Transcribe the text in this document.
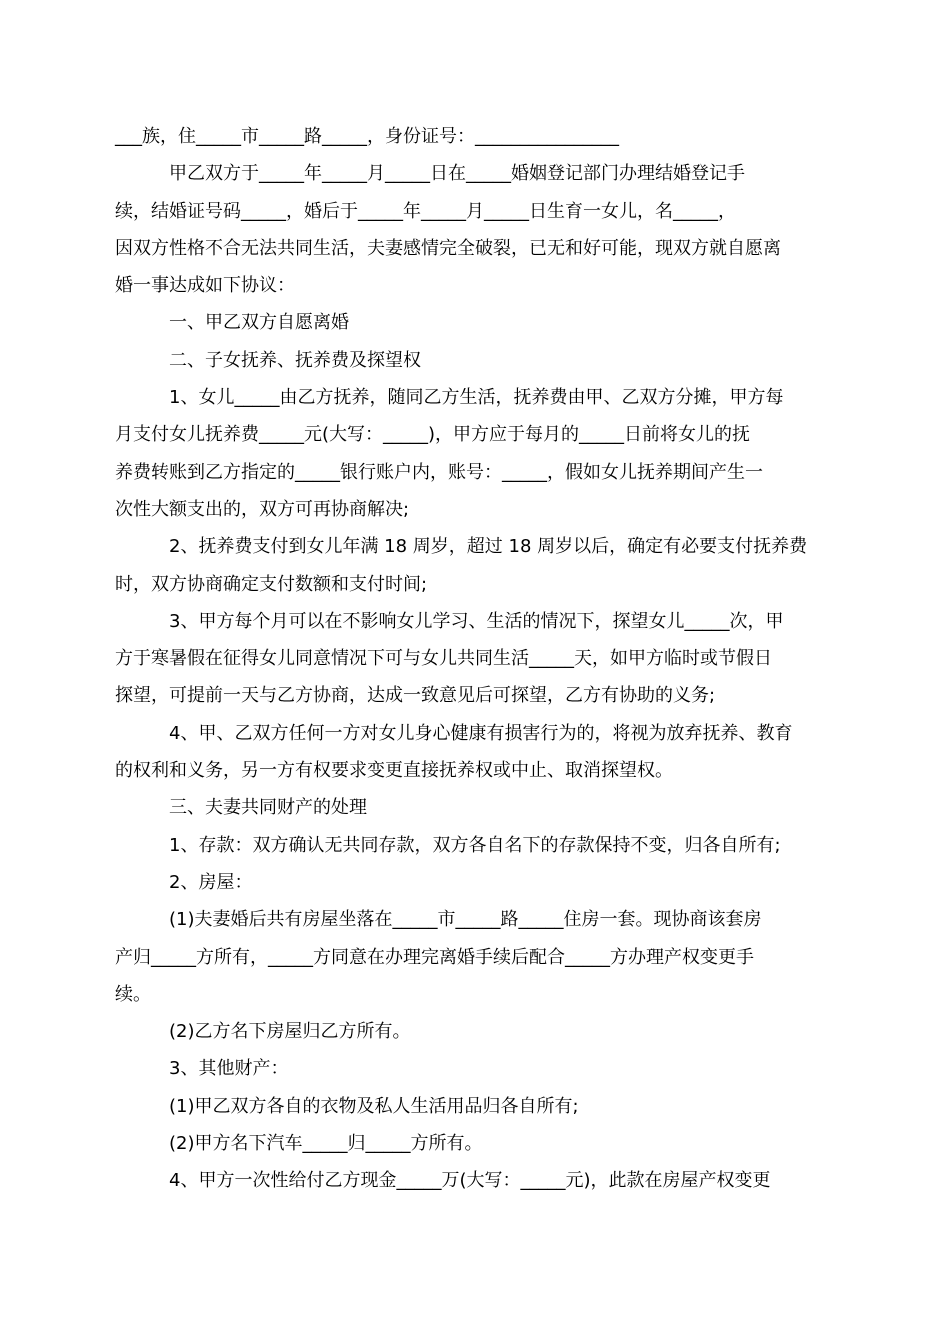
___族，住_____市_____路_____，身份证号：________________

甲乙双方于_____年_____月_____日在_____婚姻登记部门办理结婚登记手

续，结婚证号码_____，婚后于_____年_____月_____日生育一女儿，名_____，

因双方性格不合无法共同生活，夫妻感情完全破裂，已无和好可能，现双方就自愿离

婚一事达成如下协议：

一、甲乙双方自愿离婚

二、子女抚养、抚养费及探望权

1、女儿_____由乙方抚养，随同乙方生活，抚养费由甲、乙双方分摊，甲方每

月支付女儿抚养费_____元(大写：_____)，甲方应于每月的_____日前将女儿的抚

养费转账到乙方指定的_____银行账户内，账号：_____，假如女儿抚养期间产生一

次性大额支出的，双方可再协商解决;

2、抚养费支付到女儿年满 18 周岁，超过 18 周岁以后，确定有必要支付抚养费

时，双方协商确定支付数额和支付时间;

3、甲方每个月可以在不影响女儿学习、生活的情况下，探望女儿_____次，甲

方于寒暑假在征得女儿同意情况下可与女儿共同生活_____天，如甲方临时或节假日

探望，可提前一天与乙方协商，达成一致意见后可探望，乙方有协助的义务;

4、甲、乙双方任何一方对女儿身心健康有损害行为的，将视为放弃抚养、教育

的权利和义务，另一方有权要求变更直接抚养权或中止、取消探望权。

三、夫妻共同财产的处理

1、存款：双方确认无共同存款，双方各自名下的存款保持不变，归各自所有;

2、房屋：

(1)夫妻婚后共有房屋坐落在_____市_____路_____住房一套。现协商该套房

产归_____方所有，_____方同意在办理完离婚手续后配合_____方办理产权变更手

续。

(2)乙方名下房屋归乙方所有。

3、其他财产：

(1)甲乙双方各自的衣物及私人生活用品归各自所有;

(2)甲方名下汽车_____归_____方所有。

4、甲方一次性给付乙方现金_____万(大写：_____元)，此款在房屋产权变更
